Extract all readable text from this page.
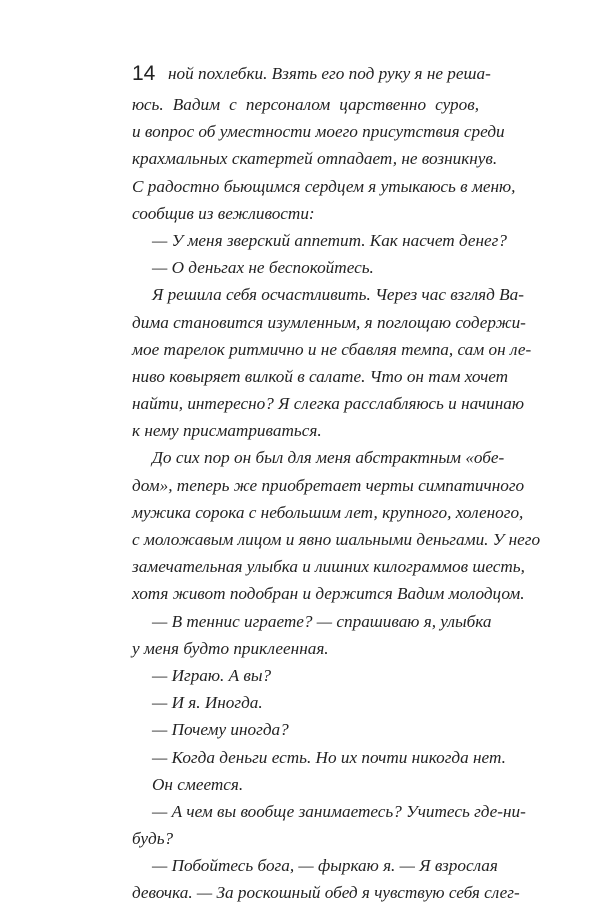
14 ной похлебки. Взять его под руку я не реша-
юсь. Вадим с персоналом царственно суров,
и вопрос об уместности моего присутствия среди
крахмальных скатертей отпадает, не возникнув.
С радостно бьющимся сердцем я утыкаюсь в меню,
сообщив из вежливости:
— У меня зверский аппетит. Как насчет денег?
— О деньгах не беспокойтесь.
Я решила себя осчастливить. Через час взгляд Ва-
дима становится изумленным, я поглощаю содержи-
мое тарелок ритмично и не сбавляя темпа, сам он ле-
ниво ковыряет вилкой в салате. Что он там хочет
найти, интересно? Я слегка расслабляюсь и начинаю
к нему присматриваться.
До сих пор он был для меня абстрактным «обе-
дом», теперь же приобретает черты симпатичного
мужика сорока с небольшим лет, крупного, холеного,
с моложавым лицом и явно шальными деньгами. У него
замечательная улыбка и лишних килограммов шесть,
хотя живот подобран и держится Вадим молодцом.
— В теннис играете? — спрашиваю я, улыбка
у меня будто приклеенная.
— Играю. А вы?
— И я. Иногда.
— Почему иногда?
— Когда деньги есть. Но их почти никогда нет.
Он смеется.
— А чем вы вообще занимаетесь? Учитесь где-ни-
будь?
— Побойтесь бога, — фыркаю я. — Я взрослая
девочка. — За роскошный обед я чувствую себя слег-
